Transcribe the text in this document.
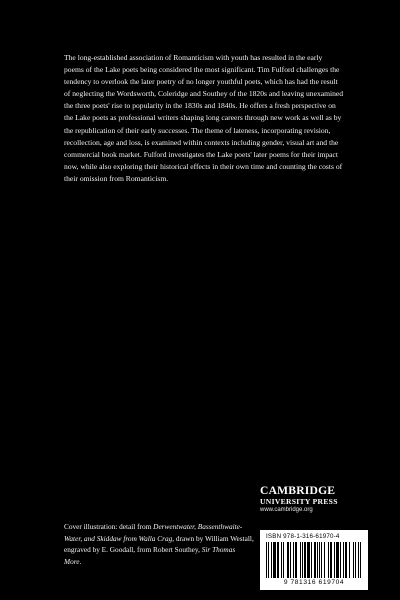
The long-established association of Romanticism with youth has resulted in the early poems of the Lake poets being considered the most significant. Tim Fulford challenges the tendency to overlook the later poetry of no longer youthful poets, which has had the result of neglecting the Wordsworth, Coleridge and Southey of the 1820s and leaving unexamined the three poets' rise to popularity in the 1830s and 1840s. He offers a fresh perspective on the Lake poets as professional writers shaping long careers through new work as well as by the republication of their early successes. The theme of lateness, incorporating revision, recollection, age and loss, is examined within contexts including gender, visual art and the commercial book market. Fulford investigates the Lake poets' later poems for their impact now, while also exploring their historical effects in their own time and counting the costs of their omission from Romanticism.

CAMBRIDGE
UNIVERSITY PRESS
www.cambridge.org
ISBN 978-1-316-61970-4
9 781316 619704
Cover illustration: detail from Derwentwater, Bassenthwaite-Water, and Skiddaw from Walla Crag, drawn by William Westall, engraved by E. Goodall, from Robert Southey, Sir Thomas More.
